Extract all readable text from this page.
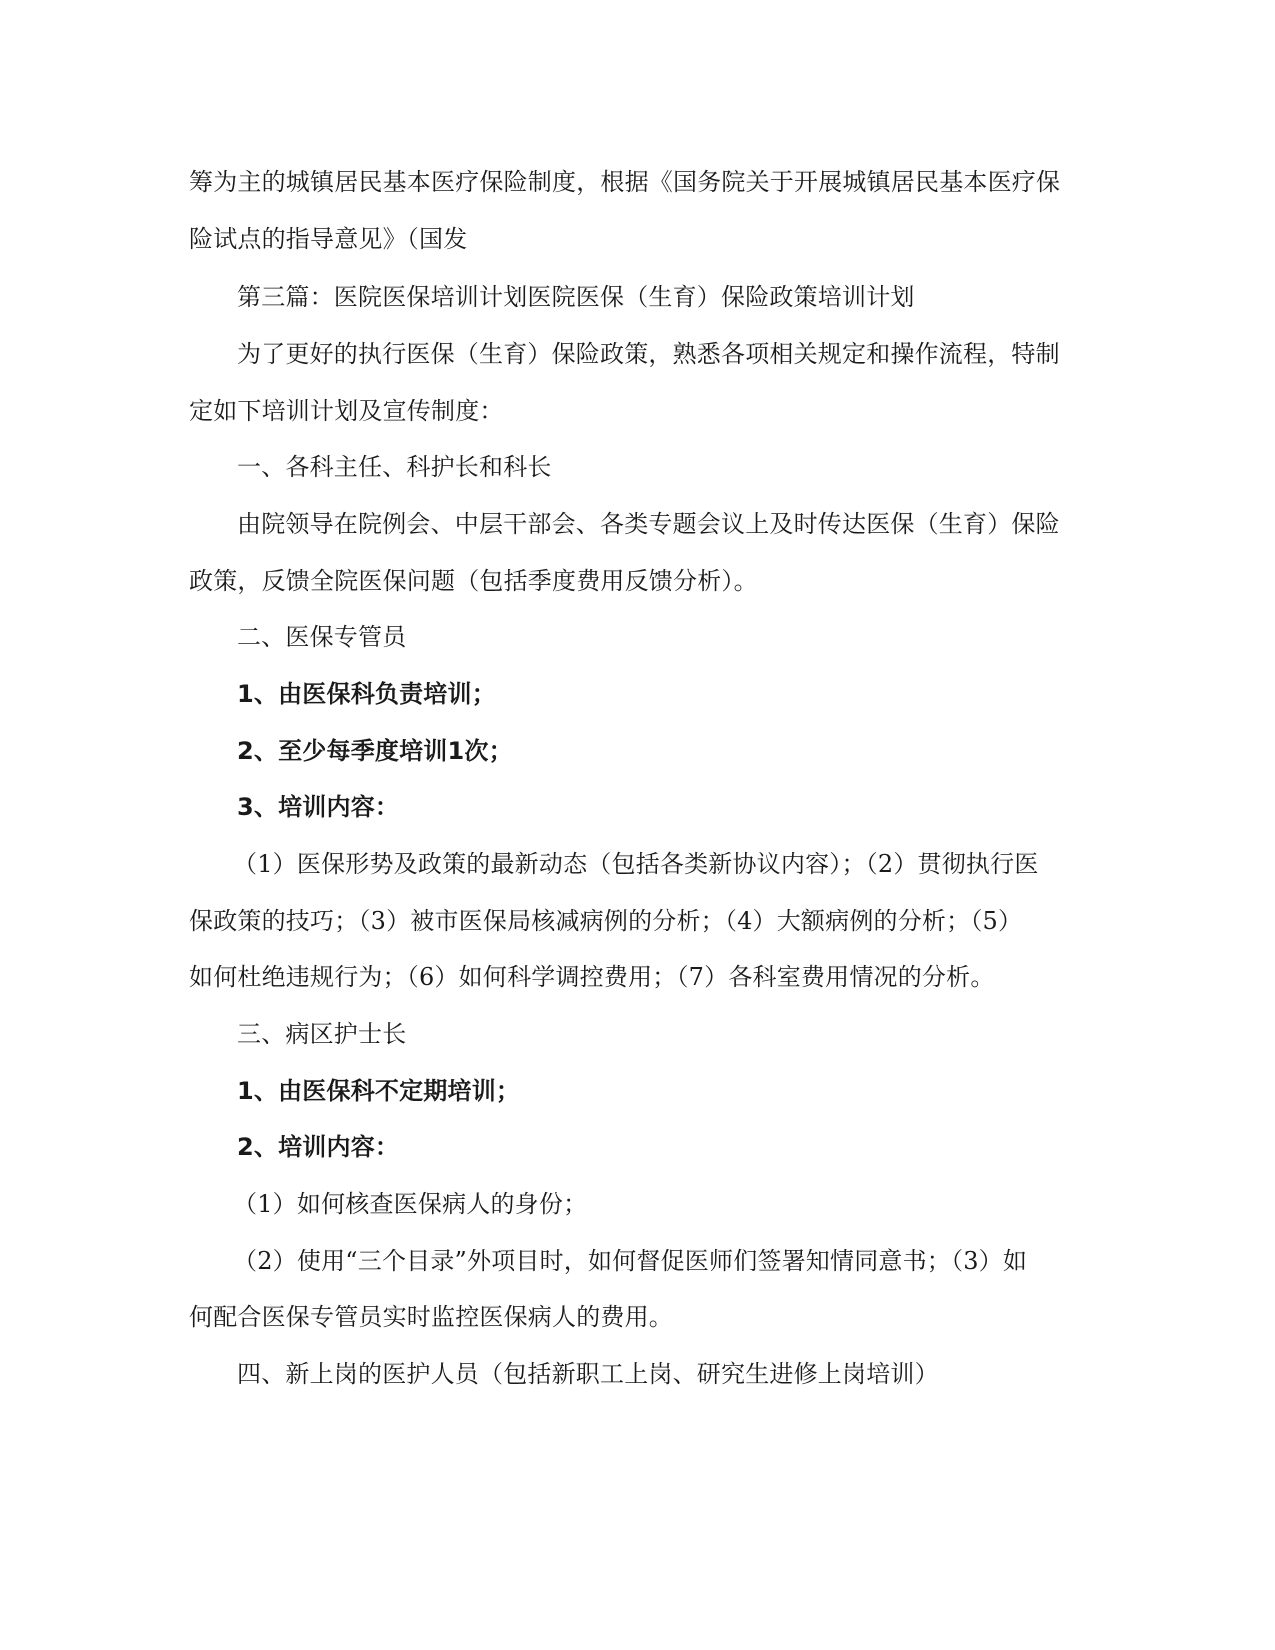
筹为主的城镇居民基本医疗保险制度，根据《国务院关于开展城镇居民基本医疗保
险试点的指导意见》（国发
第三篇：医院医保培训计划医院医保（生育）保险政策培训计划
为了更好的执行医保（生育）保险政策，熟悉各项相关规定和操作流程，特制
定如下培训计划及宣传制度：
一、各科主任、科护长和科长
由院领导在院例会、中层干部会、各类专题会议上及时传达医保（生育）保险
政策，反馈全院医保问题（包括季度费用反馈分析）。
二、医保专管员
1、由医保科负责培训；
2、至少每季度培训1次；
3、培训内容：
（1）医保形势及政策的最新动态（包括各类新协议内容）；（2）贯彻执行医
保政策的技巧；（3）被市医保局核减病例的分析；（4）大额病例的分析；（5）
如何杜绝违规行为；（6）如何科学调控费用；（7）各科室费用情况的分析。
三、病区护士长
1、由医保科不定期培训；
2、培训内容：
（1）如何核查医保病人的身份；
（2）使用“三个目录”外项目时，如何督促医师们签署知情同意书；（3）如
何配合医保专管员实时监控医保病人的费用。
四、新上岗的医护人员（包括新职工上岗、研究生进修上岗培训）
